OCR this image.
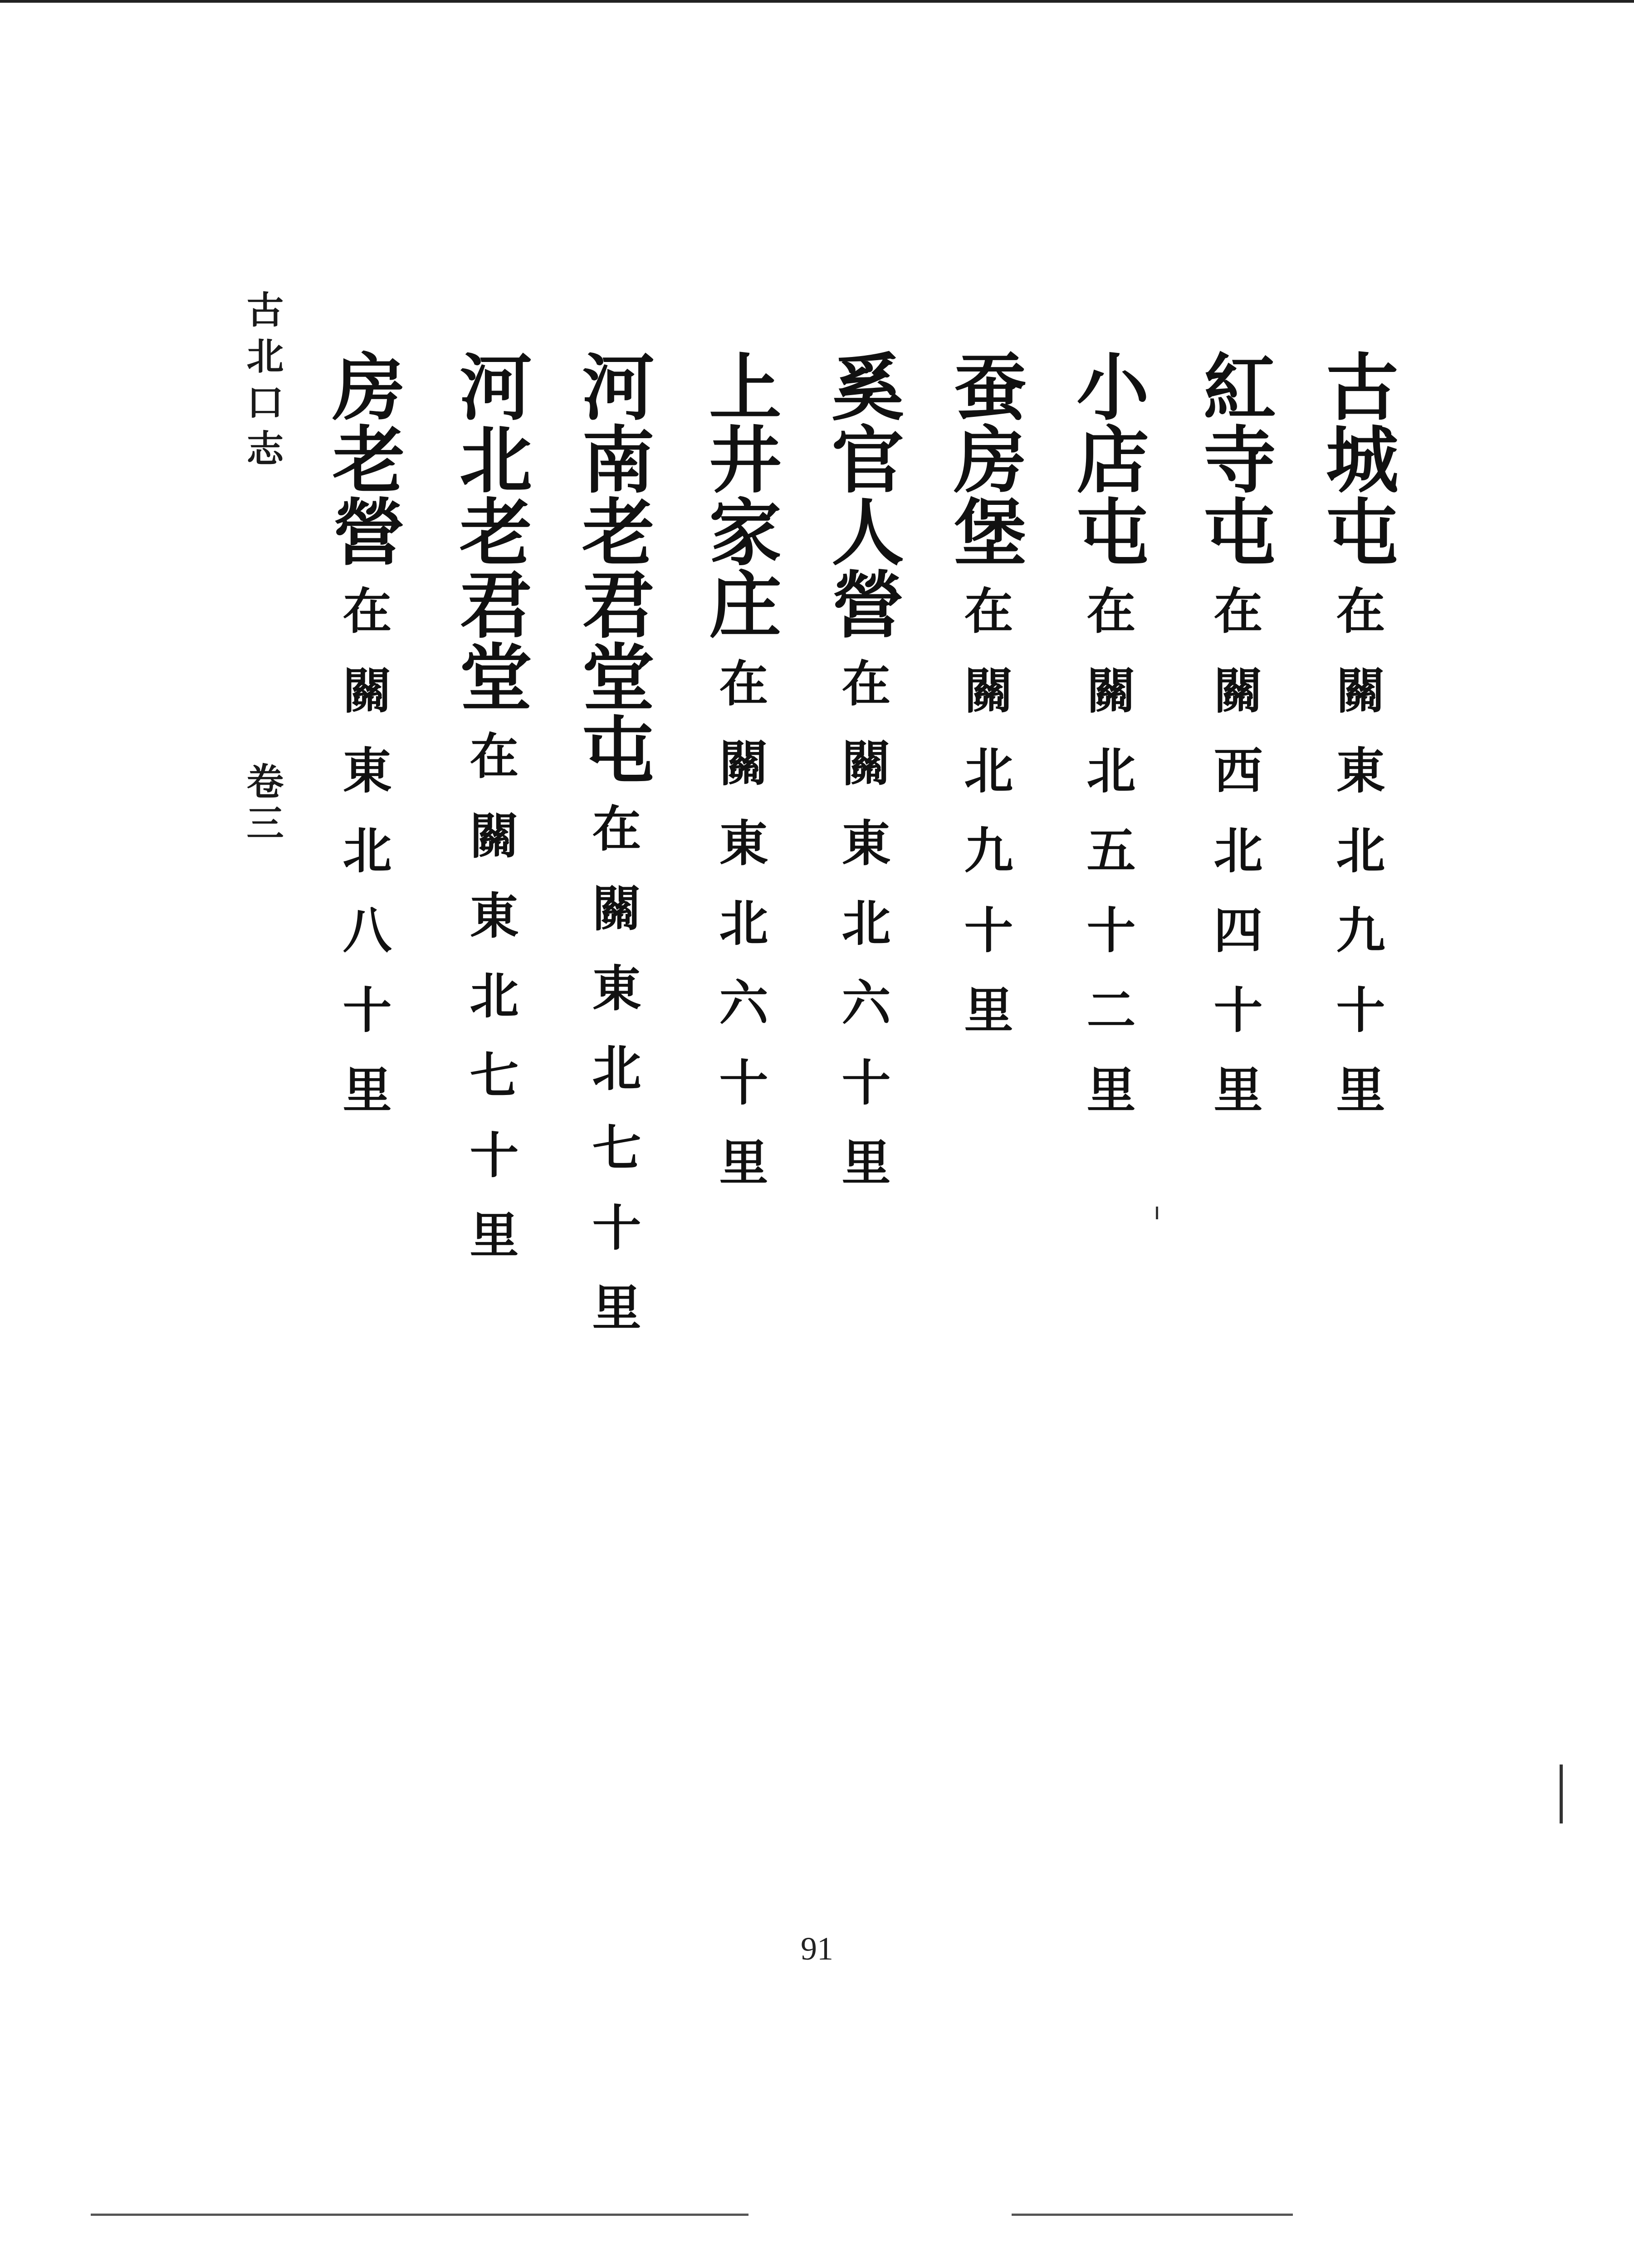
古城屯
在關東北九十里
紅寺屯
在關西北四十里
小店屯
在關北五十二里
蚕房堡
在關北九十里
奚官人營
在關東北六十里
上井家庄
在關東北六十里
河南老君堂屯
在關東北七十里
河北老君堂
在關東北七十里
房老營
在關東北八十里
古北口志
卷三
91
